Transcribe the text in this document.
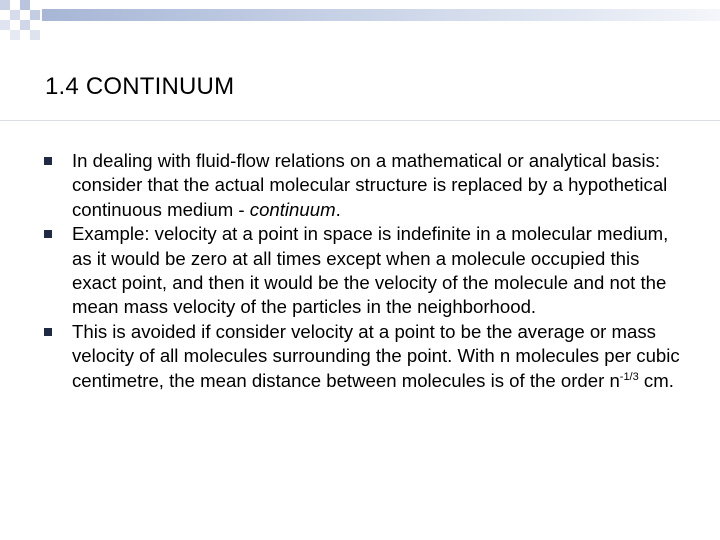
1.4 CONTINUUM
In dealing with fluid-flow relations on a mathematical or analytical basis: consider that the actual molecular structure is replaced by a hypothetical continuous medium - continuum.
Example: velocity at a point in space is indefinite in a molecular medium, as it would be zero at all times except when a molecule occupied this exact point, and then it would be the velocity of the molecule and not the mean mass velocity of the particles in the neighborhood.
This is avoided if consider velocity at a point to be the average or mass velocity of all molecules surrounding the point. With n molecules per cubic centimetre, the mean distance between molecules is of the order $n^{-1/3}$ cm.
